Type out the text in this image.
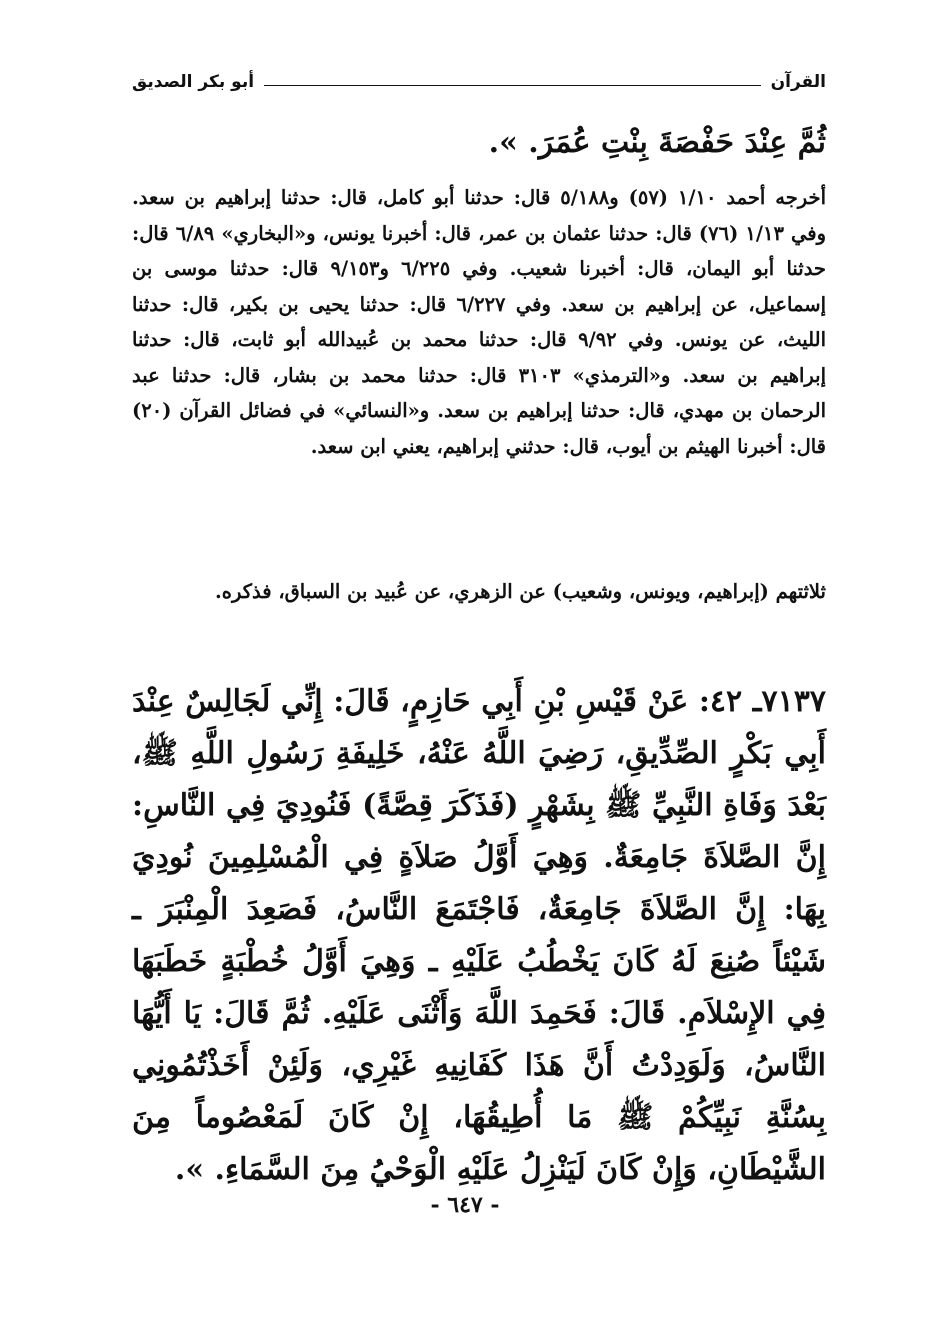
القرآن
أبو بكر الصديق
ثُمَّ عِنْدَ حَفْصَةَ بِنْتِ عُمَرَ. ».

أخرجه أحمد ١/١٠ (٥٧) و٥/١٨٨ قال: حدثنا أبو كامل، قال: حدثنا إبراهيم بن سعد. وفي ١/١٣ (٧٦) قال: حدثنا عثمان بن عمر، قال: أخبرنا يونس، و«البخاري» ٦/٨٩ قال: حدثنا أبو اليمان، قال: أخبرنا شعيب. وفي ٦/٢٢٥ و٩/١٥٣ قال: حدثنا موسى بن إسماعيل، عن إبراهيم بن سعد. وفي ٦/٢٢٧ قال: حدثنا يحيى بن بكير، قال: حدثنا الليث، عن يونس. وفي ٩/٩٢ قال: حدثنا محمد بن عُبيدالله أبو ثابت، قال: حدثنا إبراهيم بن سعد. و«الترمذي» ٣١٠٣ قال: حدثنا محمد بن بشار، قال: حدثنا عبد الرحمان بن مهدي، قال: حدثنا إبراهيم بن سعد. و«النسائي» في فضائل القرآن (٢٠) قال: أخبرنا الهيثم بن أيوب، قال: حدثني إبراهيم، يعني ابن سعد.

ثلاثتهم (إبراهيم، ويونس، وشعيب) عن الزهري، عن عُبيد بن السباق، فذكره.

٧١٣٧ـ ٤٢: عَنْ قَيْسِ بْنِ أَبِي حَازِمٍ، قَالَ: إِنِّي لَجَالِسٌ عِنْدَ أَبِي بَكْرٍ الصِّدِّيقِ، رَضِيَ اللَّهُ عَنْهُ، خَلِيفَةِ رَسُولِ اللَّهِ ﷺ، بَعْدَ وَفَاةِ النَّبِيِّ ﷺ بِشَهْرٍ (فَذَكَرَ قِصَّةً) فَنُودِيَ فِي النَّاسِ: إِنَّ الصَّلاَةَ جَامِعَةٌ. وَهِيَ أَوَّلُ صَلاَةٍ فِي الْمُسْلِمِينَ نُودِيَ بِهَا: إِنَّ الصَّلاَةَ جَامِعَةٌ، فَاجْتَمَعَ النَّاسُ، فَصَعِدَ الْمِنْبَرَ ـ شَيْئاً صُنِعَ لَهُ كَانَ يَخْطُبُ عَلَيْهِ ـ وَهِيَ أَوَّلُ خُطْبَةٍ خَطَبَهَا فِي الإِسْلاَمِ. قَالَ: فَحَمِدَ اللَّهَ وَأَثْنَى عَلَيْهِ. ثُمَّ قَالَ: يَا أَيُّهَا النَّاسُ، وَلَوَدِدْتُ أَنَّ هَذَا كَفَانِيهِ غَيْرِي، وَلَئِنْ أَخَذْتُمُونِي بِسُنَّةِ نَبِيِّكُمْ ﷺ مَا أُطِيقُهَا، إِنْ كَانَ لَمَعْصُوماً مِنَ الشَّيْطَانِ، وَإِنْ كَانَ لَيَنْزِلُ عَلَيْهِ الْوَحْيُ مِنَ السَّمَاءِ. ».

- ٦٤٧ -
